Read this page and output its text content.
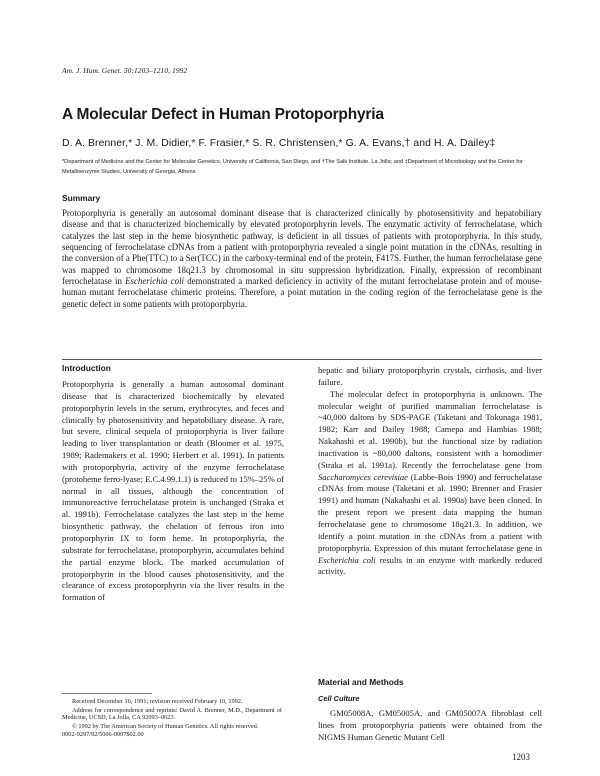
Am. J. Hum. Genet. 50:1203–1210, 1992
A Molecular Defect in Human Protoporphyria
D. A. Brenner,* J. M. Didier,* F. Frasier,* S. R. Christensen,* G. A. Evans,† and H. A. Dailey‡
*Department of Medicine and the Center for Molecular Genetics, University of California, San Diego, and †The Salk Institute, La Jolla; and ‡Department of Microbiology and the Center for Metalloenzyme Studies, University of Georgia, Athens
Summary

Protoporphyria is generally an autosomal dominant disease that is characterized clinically by photosensitivity and hepatobiliary disease and that is characterized biochemically by elevated protoporphyrin levels. The enzymatic activity of ferrochelatase, which catalyzes the last step in the heme biosynthetic pathway, is deficient in all tissues of patients with protoporphyria. In this study, sequencing of ferrochelatase cDNAs from a patient with protoporphyria revealed a single point mutation in the cDNAs, resulting in the conversion of a Phe(TTC) to a Ser(TCC) in the carboxy-terminal end of the protein, F417S. Further, the human ferrochelatase gene was mapped to chromosome 18q21.3 by chromosomal in situ suppression hybridization. Finally, expression of recombinant ferrochelatase in Escherichia coli demonstrated a marked deficiency in activity of the mutant ferrochelatase protein and of mouse-human mutant ferrochelatase chimeric proteins. Therefore, a point mutation in the coding region of the ferrochelatase gene is the genetic defect in some patients with protoporphyria.

Introduction

Protoporphyria is generally a human autosomal dominant disease that is characterized biochemically by elevated protoporphyrin levels in the serum, erythrocytes, and feces and clinically by photosensitivity and hepatobiliary disease. A rare, but severe, clinical sequela of protoporphyria is liver failure leading to liver transplantation or death (Bloomer et al. 1975, 1989; Rademakers et al. 1990; Herbert et al. 1991). In patients with protoporphyria, activity of the enzyme ferrochelatase (protoheme ferro-lyase; E.C.4.99.1.1) is reduced to 15%–25% of normal in all tissues, although the concentration of immunoreactive ferrochelatase protein is unchanged (Straka et al. 1991b). Ferrochelatase catalyzes the last step in the heme biosynthetic pathway, the chelation of ferrous iron into protoporphyrin IX to form heme. In protoporphyria, the substrate for ferrochelatase, protoporphyrin, accumulates behind the partial enzyme block. The marked accumulation of protoporphyrin in the blood causes photosensitivity, and the clearance of excess protoporphyrin via the liver results in the formation of

Received December 16, 1991; revision received February 10, 1992.

Address for correspondence and reprints: David A. Brenner, M.D., Department of Medicine, UCSD, La Jolla, CA 92093–0623.

© 1992 by The American Society of Human Genetics. All rights reserved.

0002-9297/92/5006-0007$02.00

hepatic and biliary protoporphyrin crystals, cirrhosis, and liver failure.

The molecular defect in protoporphyria is unknown. The molecular weight of purified mammalian ferrochelatase is ~40,000 daltons by SDS-PAGE (Taketani and Tokunaga 1981, 1982; Karr and Dailey 1988; Camepa and Hambias 1988; Nakahashi et al. 1990b), but the functional size by radiation inactivation is ~80,000 daltons, consistent with a homodimer (Straka et al. 1991a). Recently the ferrochelatase gene from Saccharomyces cerevisiae (Labbe-Bois 1990) and ferrochelatase cDNAs from mouse (Taketani et al. 1990; Brenner and Frasier 1991) and human (Nakahashi et al. 1990a) have been cloned. In the present report we present data mapping the human ferrochelatase gene to chromosome 18q21.3. In addition, we identify a point mutation in the cDNAs from a patient with protoporphyria. Expression of this mutant ferrochelatase gene in Escherichia coli results in an enzyme with markedly reduced activity.

Material and Methods
Cell Culture

GM05008A, GM05005A, and GM05007A fibroblast cell lines from protoporphyria patients were obtained from the NIGMS Human Genetic Mutant Cell

1203
